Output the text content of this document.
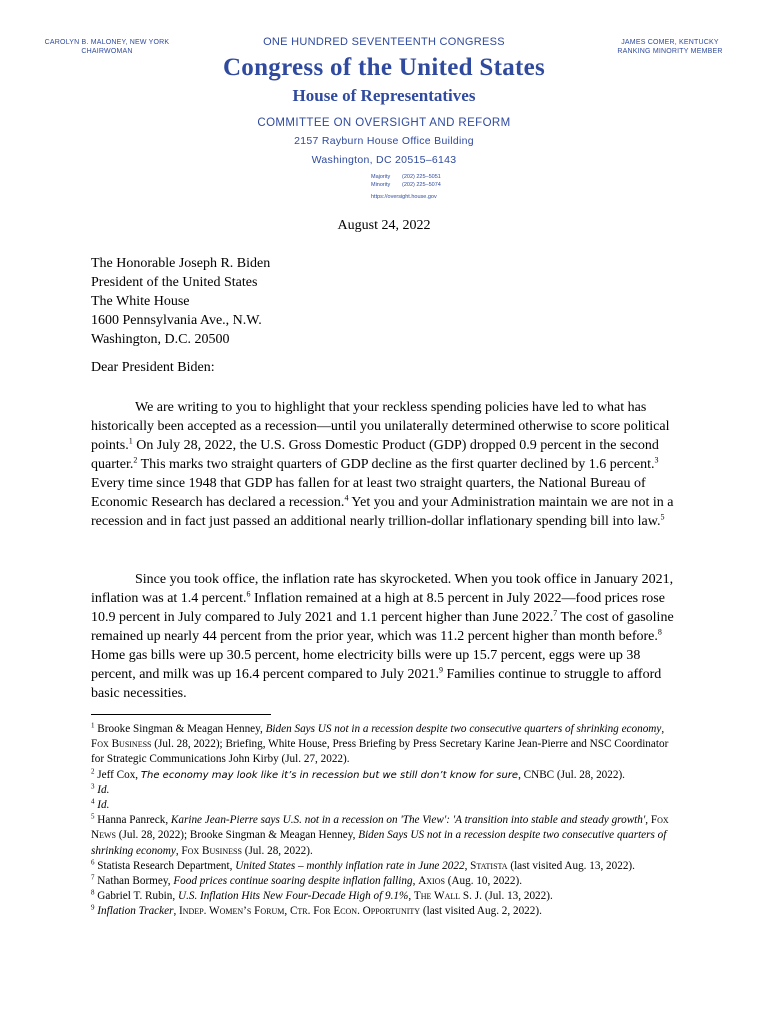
CAROLYN B. MALONEY, NEW YORK
CHAIRWOMAN
JAMES COMER, KENTUCKY
RANKING MINORITY MEMBER
ONE HUNDRED SEVENTEENTH CONGRESS
Congress of the United States
House of Representatives
COMMITTEE ON OVERSIGHT AND REFORM
2157 Rayburn House Office Building
Washington, DC 20515–6143
Majority (202) 225–5051
Minority (202) 225–5074
https://oversight.house.gov
August 24, 2022
The Honorable Joseph R. Biden
President of the United States
The White House
1600 Pennsylvania Ave., N.W.
Washington, D.C. 20500
Dear President Biden:

We are writing to you to highlight that your reckless spending policies have led to what has historically been accepted as a recession—until you unilaterally determined otherwise to score political points.$^1$ On July 28, 2022, the U.S. Gross Domestic Product (GDP) dropped 0.9 percent in the second quarter.$^2$ This marks two straight quarters of GDP decline as the first quarter declined by 1.6 percent.$^3$ Every time since 1948 that GDP has fallen for at least two straight quarters, the National Bureau of Economic Research has declared a recession.$^4$ Yet you and your Administration maintain we are not in a recession and in fact just passed an additional nearly trillion-dollar inflationary spending bill into law.$^5$

Since you took office, the inflation rate has skyrocketed. When you took office in January 2021, inflation was at 1.4 percent.$^6$ Inflation remained at a high at 8.5 percent in July 2022—food prices rose 10.9 percent in July compared to July 2021 and 1.1 percent higher than June 2022.$^7$ The cost of gasoline remained up nearly 44 percent from the prior year, which was 11.2 percent higher than month before.$^8$ Home gas bills were up 30.5 percent, home electricity bills were up 15.7 percent, eggs were up 38 percent, and milk was up 16.4 percent compared to July 2021.$^9$ Families continue to struggle to afford basic necessities.

$^1$ Brooke Singman & Meagan Henney, Biden Says US not in a recession despite two consecutive quarters of shrinking economy, Fox Business (Jul. 28, 2022); Briefing, White House, Press Briefing by Press Secretary Karine Jean-Pierre and NSC Coordinator for Strategic Communications John Kirby (Jul. 27, 2022).

$^2$ Jeff Cox, The economy may look like it’s in recession but we still don’t know for sure, CNBC (Jul. 28, 2022).

$^3$ Id.

$^4$ Id.

$^5$ Hanna Panreck, Karine Jean-Pierre says U.S. not in a recession on 'The View': 'A transition into stable and steady growth', Fox News (Jul. 28, 2022); Brooke Singman & Meagan Henney, Biden Says US not in a recession despite two consecutive quarters of shrinking economy, Fox Business (Jul. 28, 2022).

$^6$ Statista Research Department, United States – monthly inflation rate in June 2022, Statista (last visited Aug. 13, 2022).

$^7$ Nathan Bormey, Food prices continue soaring despite inflation falling, Axios (Aug. 10, 2022).

$^8$ Gabriel T. Rubin, U.S. Inflation Hits New Four-Decade High of 9.1%, The Wall S. J. (Jul. 13, 2022).

$^9$ Inflation Tracker, Indep. Women’s Forum, Ctr. For Econ. Opportunity (last visited Aug. 2, 2022).
